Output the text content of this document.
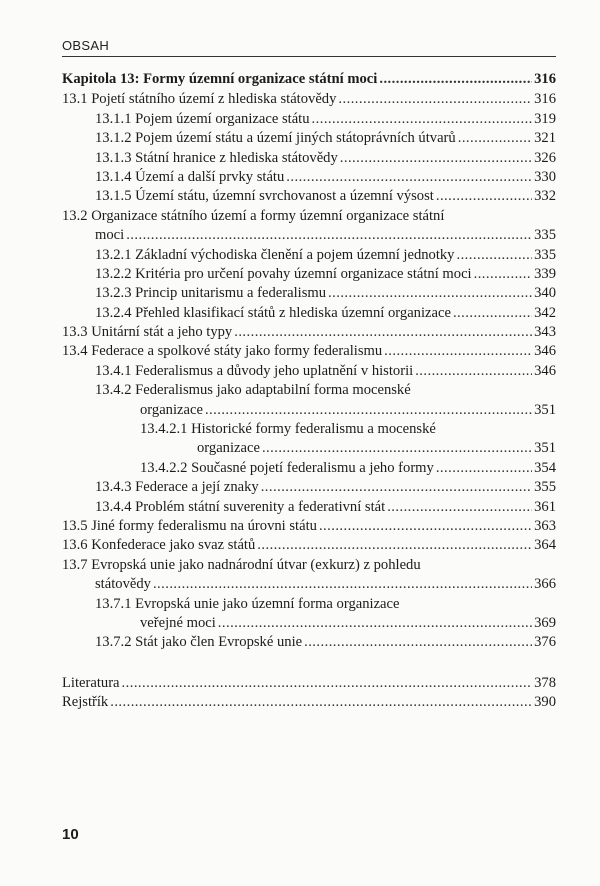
OBSAH
Kapitola 13: Formy územní organizace státní moci . . .	316
13.1 Pojetí státního území z hlediska státovědy . . .	316
13.1.1 Pojem území organizace státu . . .	319
13.1.2 Pojem území státu a území jiných státoprávních útvarů . . .	321
13.1.3 Státní hranice z hlediska státovědy . . .	326
13.1.4 Území a další prvky státu . . .	330
13.1.5 Území státu, územní svrchovanost a územní výsost . . .	332
13.2 Organizace státního území a formy územní organizace státní
moci . . .	335
13.2.1 Základní východiska členění a pojem územní jednotky . . .	335
13.2.2 Kritéria pro určení povahy územní organizace státní moci . . .	339
13.2.3 Princip unitarismu a federalismu . . .	340
13.2.4 Přehled klasifikací států z hlediska územní organizace . . .	342
13.3 Unitární stát a jeho typy . . .	343
13.4 Federace a spolkové státy jako formy federalismu . . .	346
13.4.1 Federalismus a důvody jeho uplatnění v historii . . .	346
13.4.2 Federalismus jako adaptabilní forma mocenské
organizace . . .	351
13.4.2.1 Historické formy federalismu a mocenské
organizace . . .	351
13.4.2.2 Současné pojetí federalismu a jeho formy . . .	354
13.4.3 Federace a její znaky . . .	355
13.4.4 Problém státní suverenity a federativní stát . . .	361
13.5 Jiné formy federalismu na úrovni státu . . .	363
13.6 Konfederace jako svaz států . . .	364
13.7 Evropská unie jako nadnárodní útvar (exkurz) z pohledu
státovědy . . .	366
13.7.1 Evropská unie jako územní forma organizace
veřejné moci . . .	369
13.7.2 Stát jako člen Evropské unie . . .	376
Literatura . . .	378
Rejstřík . . .	390
10
